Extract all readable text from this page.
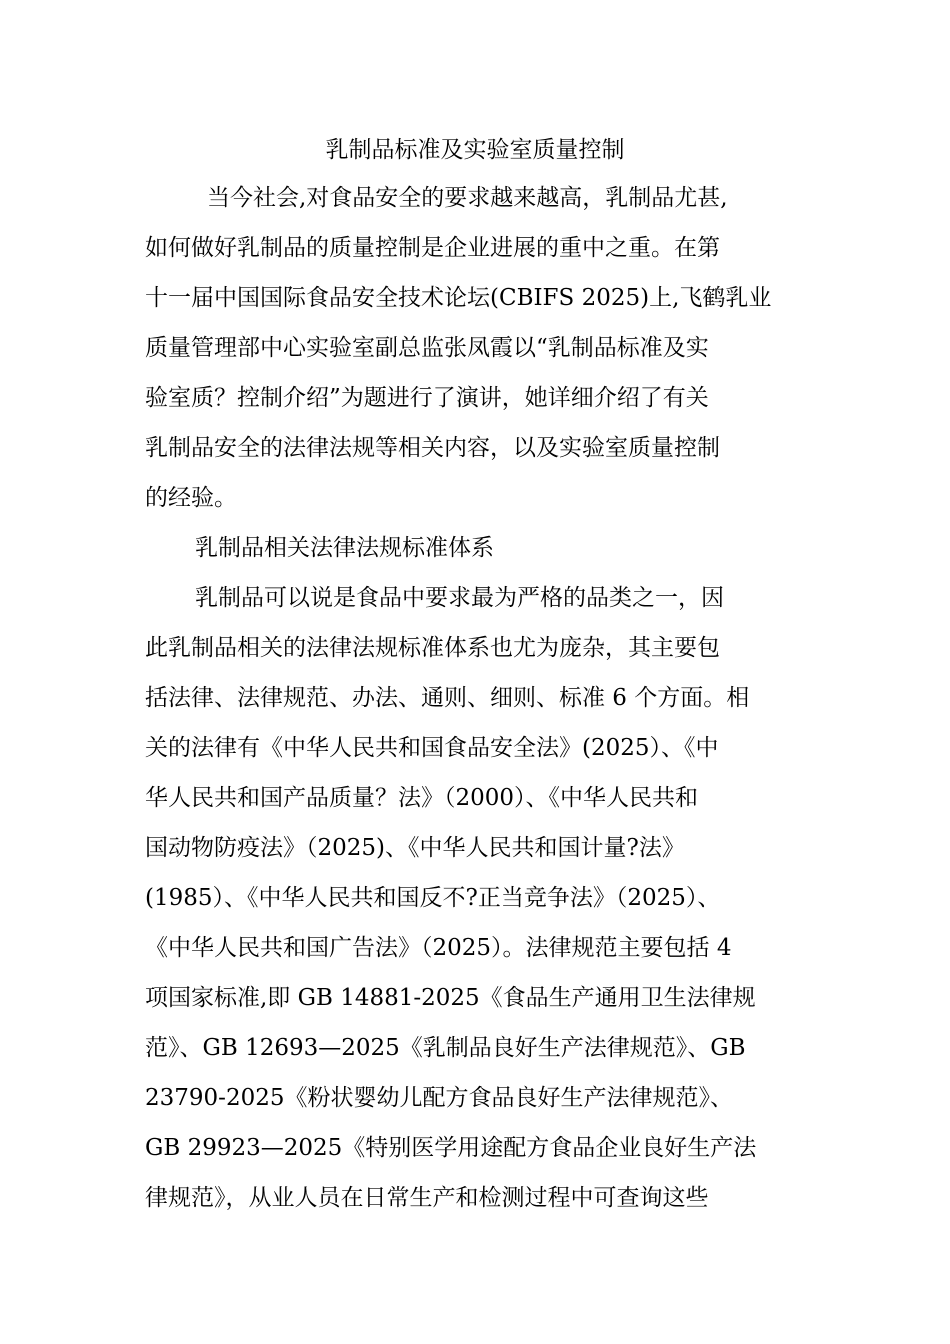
乳制品标准及实验室质量控制
当今社会,对食品安全的要求越来越高，乳制品尤甚,
如何做好乳制品的质量控制是企业进展的重中之重。在第
十一届中国国际食品安全技术论坛(CBIFS 2025)上,飞鹤乳业
质量管理部中心实验室副总监张凤霞以“乳制品标准及实
验室质？控制介绍”为题进行了演讲，她详细介绍了有关
乳制品安全的法律法规等相关内容，以及实验室质量控制
的经验。
乳制品相关法律法规标准体系
乳制品可以说是食品中要求最为严格的品类之一，因
此乳制品相关的法律法规标准体系也尤为庞杂，其主要包
括法律、法律规范、办法、通则、细则、标准 6 个方面。相
关的法律有《中华人民共和国食品安全法》(2025）、《中
华人民共和国产品质量？法》（2000）、《中华人民共和
国动物防疫法》（2025)、《中华人民共和国计量?法》
(1985）、《中华人民共和国反不?正当竞争法》（2025）、
《中华人民共和国广告法》（2025）。法律规范主要包括 4
项国家标准,即 GB 14881-2025《食品生产通用卫生法律规
范》、GB 12693—2025《乳制品良好生产法律规范》、GB
23790-2025《粉状婴幼儿配方食品良好生产法律规范》、
GB 29923—2025《特别医学用途配方食品企业良好生产法
律规范》，从业人员在日常生产和检测过程中可查询这些
